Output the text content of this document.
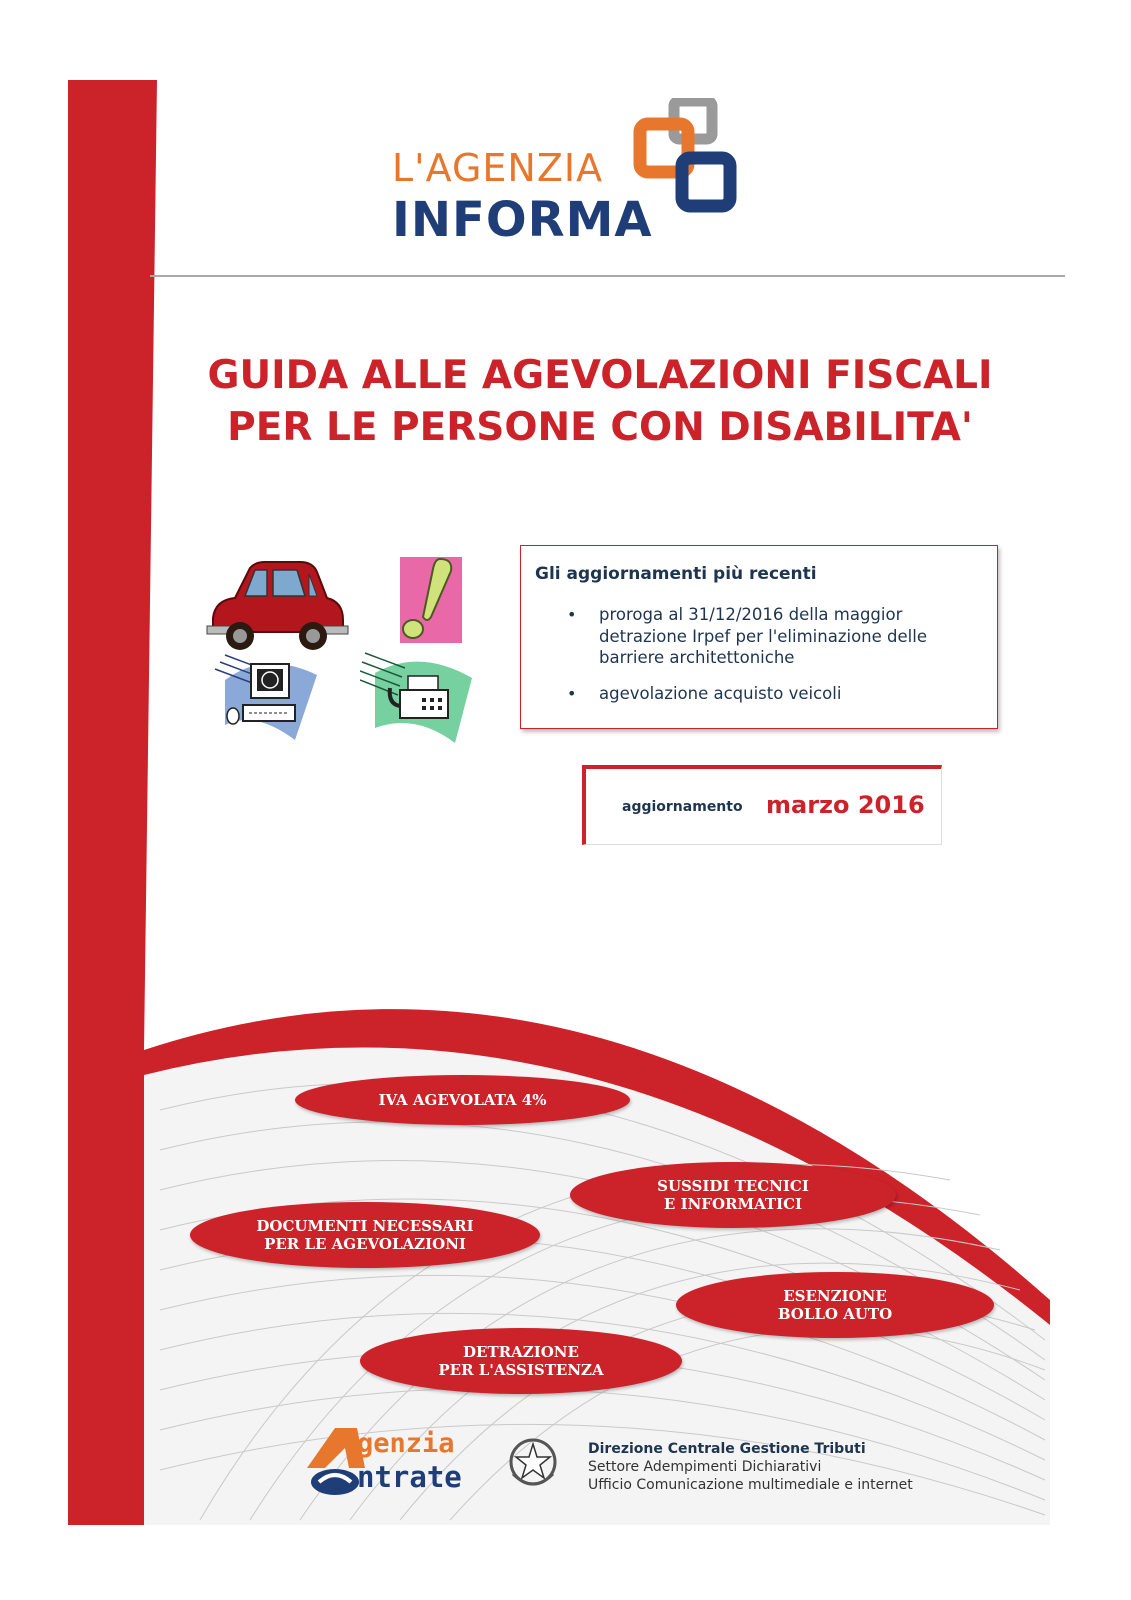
L'AGENZIA
INFORMA
GUIDA ALLE AGEVOLAZIONI FISCALI
PER LE PERSONE CON DISABILITA'
Gli aggiornamenti più recenti
• proroga al 31/12/2016 della maggior detrazione Irpef per l'eliminazione delle barriere architettoniche
• agevolazione acquisto veicoli
aggiornamento marzo 2016
IVA AGEVOLATA 4%
SUSSIDI TECNICI
E INFORMATICI
DOCUMENTI NECESSARI
PER LE AGEVOLAZIONI
ESENZIONE
BOLLO AUTO
DETRAZIONE
PER L'ASSISTENZA
genzia
ntrate
Direzione Centrale Gestione Tributi
Settore Adempimenti Dichiarativi
Ufficio Comunicazione multimediale e internet
